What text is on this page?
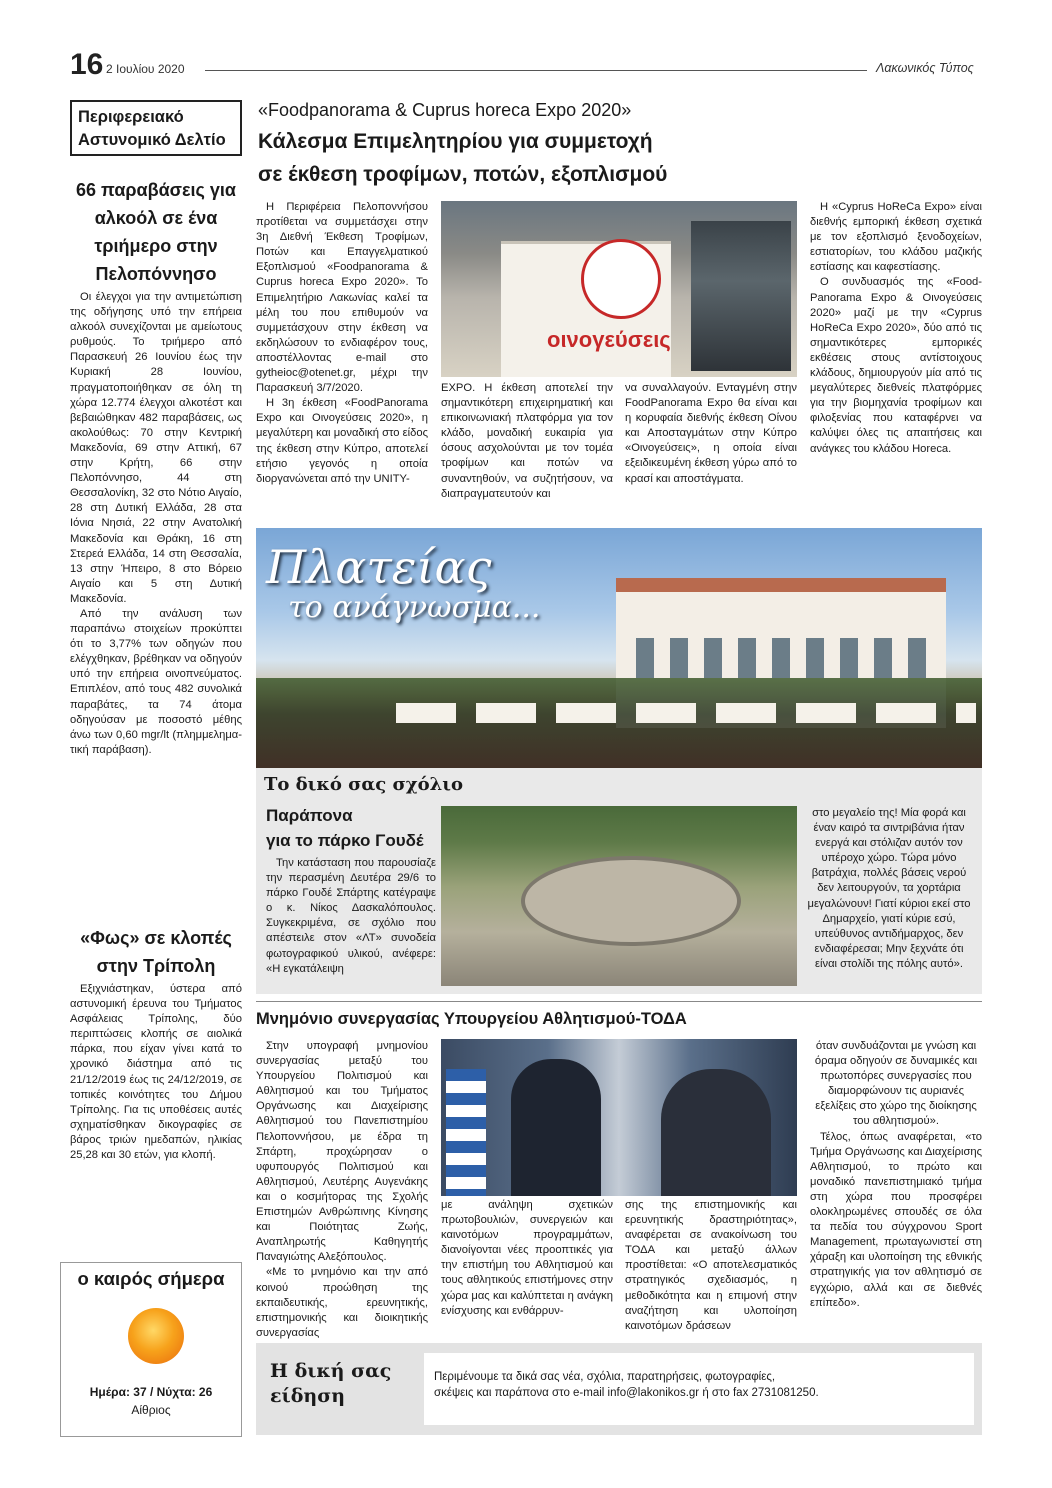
16 2 Ιουλίου 2020	Λακωνικός Τύπος
Περιφερειακό
Αστυνομικό Δελτίο
66 παραβάσεις για αλκοόλ σε ένα τριήμερο στην Πελοπόννησο

Οι έλεγχοι για την αντιμετώπιση της οδήγησης υπό την επήρεια αλκοόλ συνεχίζονται με αμείωτους ρυθμούς. Το τριήμερο από Παρασκευή 26 Ιουνίου έως την Κυριακή 28 Ιουνίου, πραγματοποιήθηκαν σε όλη τη χώρα 12.774 έλεγχοι αλκοτέστ και βεβαιώθηκαν 482 παραβάσεις, ως ακολούθως: 70 στην Κεντρική Μακεδονία, 69 στην Αττική, 67 στην Κρήτη, 66 στην Πελοπόννησο, 44 στη Θεσσαλονίκη, 32 στο Νότιο Αιγαίο, 28 στη Δυτική Ελλάδα, 28 στα Ιόνια Νησιά, 22 στην Ανατολική Μακεδονία και Θράκη, 16 στη Στερεά Ελλάδα, 14 στη Θεσσαλία, 13 στην Ήπειρο, 8 στο Βόρειο Αιγαίο και 5 στη Δυτική Μακεδονία.

Από την ανάλυση των παραπάνω στοιχείων προκύπτει ότι το 3,77% των οδηγών που ελέγχθηκαν, βρέθηκαν να οδηγούν υπό την επήρεια οινοπνεύματος. Επιπλέον, από τους 482 συνολικά παραβάτες, τα 74 άτομα οδηγούσαν με ποσοστό μέθης άνω των 0,60 mgr/lt (πλημμεληματική παράβαση).

«Φως» σε κλοπές στην Τρίπολη

Εξιχνιάστηκαν, ύστερα από αστυνομική έρευνα του Τμήματος Ασφάλειας Τρίπολης, δύο περιπτώσεις κλοπής σε αιολικά πάρκα, που είχαν γίνει κατά το χρονικό διάστημα από τις 21/12/2019 έως τις 24/12/2019, σε τοπικές κοινότητες του Δήμου Τρίπολης. Για τις υποθέσεις αυτές σχηματίσθηκαν δικογραφίες σε βάρος τριών ημεδαπών, ηλικίας 25,28 και 30 ετών, για κλοπή.

ο καιρός σήμερα
Ημέρα: 37 / Νύχτα: 26
Αίθριος
«Foodpanorama & Cuprus horeca Expo 2020»
Κάλεσμα Επιμελητηρίου για συμμετοχή
σε έκθεση τροφίμων, ποτών, εξοπλισμού

Η Περιφέρεια Πελοποννήσου προτίθεται να συμμετάσχει στην 3η Διεθνή Έκθεση Τροφίμων, Ποτών και Επαγγελματικού Εξοπλισμού «Foodpanorama & Cuprus horeca Expo 2020». Το Επιμελητήριο Λακωνίας καλεί τα μέλη του που επιθυμούν να συμμετάσχουν στην έκθεση να εκδηλώσουν το ενδιαφέρον τους, αποστέλλοντας e-mail στο gytheioc@otenet.gr, μέχρι την Παρασκευή 3/7/2020.

Η 3η έκθεση «FoodPanorama Expo και Οινογεύσεις 2020», η μεγαλύτερη και μοναδική στο είδος της έκθεση στην Κύπρο, αποτελεί ετήσιο γεγονός η οποία διοργανώνεται από την UNITY-

οινογεύσεις
EXPO. Η έκθεση αποτελεί την σημαντικότερη επιχειρηματική και επικοινωνιακή πλατφόρμα για τον κλάδο, μοναδική ευκαιρία για όσους ασχολούνται με τον τομέα τροφίμων και ποτών να συναντηθούν, να συζητήσουν, να διαπραγματευτούν και
να συναλλαγούν. Ενταγμένη στην FoodPanorama Expo θα είναι και η κορυφαία διεθνής έκθεση Οίνου και Αποσταγμάτων στην Κύπρο «Οινογεύσεις», η οποία είναι εξειδικευμένη έκθεση γύρω από το κρασί και αποστάγματα.

Η «Cyprus HoReCa Expo» είναι διεθνής εμπορική έκθεση σχετικά με τον εξοπλισμό ξενοδοχείων, εστιατορίων, του κλάδου μαζικής εστίασης και καφεστίασης.

Ο συνδυασμός της «Food-Panorama Expo & Οινογεύσεις 2020» μαζί με την «Cyprus HoReCa Expo 2020», δύο από τις σημαντικότερες εμπορικές εκθέσεις στους αντίστοιχους κλάδους, δημιουργούν μία από τις μεγαλύτερες διεθνείς πλατφόρμες για την βιομηχανία τροφίμων και φιλοξενίας που καταφέρνει να καλύψει όλες τις απαιτήσεις και ανάγκες του κλάδου Horeca.

Πλατείας
το ανάγνωσμα...
Το δικό σας σχόλιο
Παράπονα
για το πάρκο Γουδέ

Την κατάσταση που παρουσίαζε την περασμένη Δευτέρα 29/6 το πάρκο Γουδέ Σπάρτης κατέγραψε ο κ. Νίκος Δασκαλόπουλος. Συγκεκριμένα, σε σχόλιο που απέστειλε στον «ΛΤ» συνοδεία φωτογραφικού υλικού, ανέφερε: «Η εγκατάλειψη

στο μεγαλείο της! Μία φορά και έναν καιρό τα σιντριβάνια ήταν ενεργά και στόλιζαν αυτόν τον υπέροχο χώρο. Τώρα μόνο βατράχια, πολλές βάσεις νερού δεν λειτουργούν, τα χορτάρια μεγαλώνουν! Γιατί κύριοι εκεί στο Δημαρχείο, γιατί κύριε εσύ, υπεύθυνος αντιδήμαρχος, δεν ενδιαφέρεσαι; Μην ξεχνάτε ότι είναι στολίδι της πόλης αυτό».
Μνημόνιο συνεργασίας Υπουργείου Αθλητισμού-ΤΟΔΑ

Στην υπογραφή μνημονίου συνεργασίας μεταξύ του Υπουργείου Πολιτισμού και Αθλητισμού και του Τμήματος Οργάνωσης και Διαχείρισης Αθλητισμού του Πανεπιστημίου Πελοποννήσου, με έδρα τη Σπάρτη, προχώρησαν ο υφυπουργός Πολιτισμού και Αθλητισμού, Λευτέρης Αυγενάκης και ο κοσμήτορας της Σχολής Επιστημών Ανθρώπινης Κίνησης και Ποιότητας Ζωής, Αναπληρωτής Καθηγητής Παναγιώτης Αλεξόπουλος.

«Με το μνημόνιο και την από κοινού προώθηση της εκπαιδευτικής, ερευνητικής, επιστημονικής και διοικητικής συνεργασίας

με ανάληψη σχετικών πρωτοβουλιών, συνεργειών και καινοτόμων προγραμμάτων, διανοίγονται νέες προοπτικές για την επιστήμη του Αθλητισμού και τους αθλητικούς επιστήμονες στην χώρα μας και καλύπτεται η ανάγκη ενίσχυσης και ενθάρρυν-
σης της επιστημονικής και ερευνητικής δραστηριότητας», αναφέρεται σε ανακοίνωση του ΤΟΔΑ και μεταξύ άλλων προστίθεται: «Ο αποτελεσματικός στρατηγικός σχεδιασμός, η μεθοδικότητα και η επιμονή στην αναζήτηση και υλοποίηση καινοτόμων δράσεων
όταν συνδυάζονται με γνώση και όραμα οδηγούν σε δυναμικές και πρωτοπόρες συνεργασίες που διαμορφώνουν τις αυριανές εξελίξεις στο χώρο της διοίκησης του αθλητισμού».

Τέλος, όπως αναφέρεται, «το Τμήμα Οργάνωσης και Διαχείρισης Αθλητισμού, το πρώτο και μοναδικό πανεπιστημιακό τμήμα στη χώρα που προσφέρει ολοκληρωμένες σπουδές σε όλα τα πεδία του σύγχρονου Sport Management, πρωταγωνιστεί στη χάραξη και υλοποίηση της εθνικής στρατηγικής για τον αθλητισμό σε εγχώριο, αλλά και σε διεθνές επίπεδο».

Η δική σας είδηση
Περιμένουμε τα δικά σας νέα, σχόλια, παρατηρήσεις, φωτογραφίες,
σκέψεις και παράπονα στο e-mail info@lakonikos.gr ή στο fax 2731081250.
